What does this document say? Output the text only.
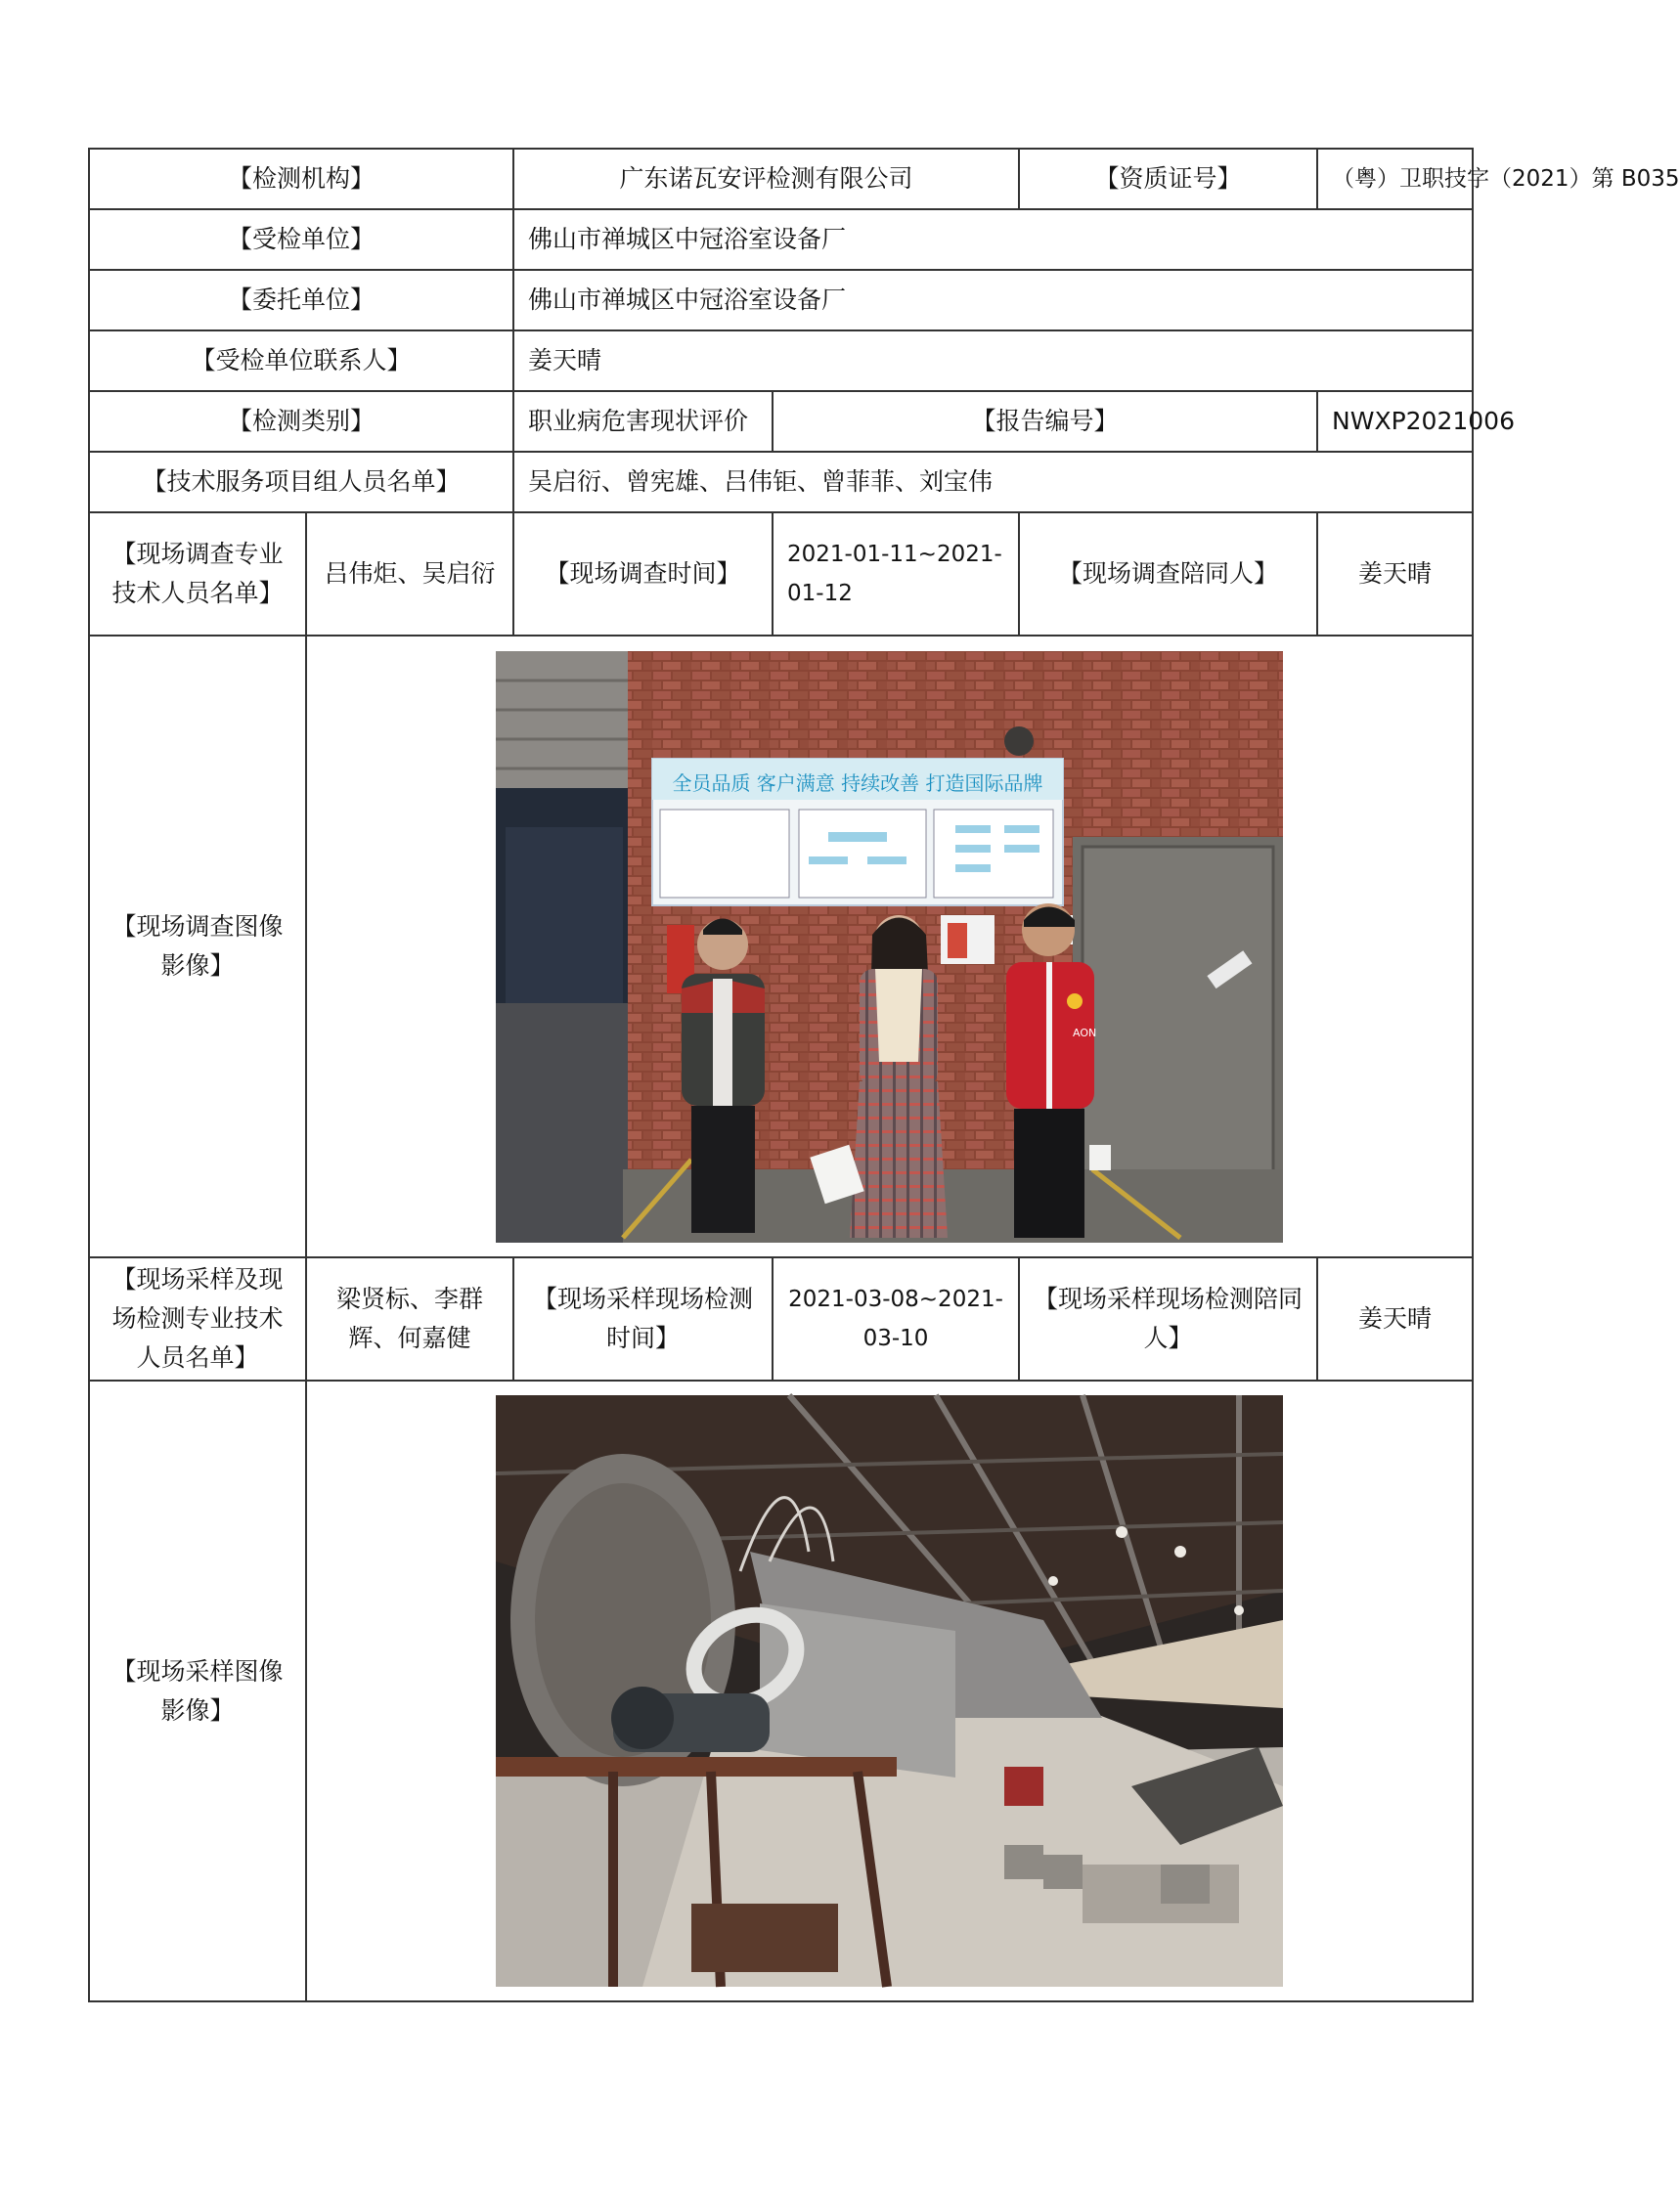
【检测机构】		广东诺瓦安评检测有限公司		【资质证号】	（粤）卫职技字（2021）第 B035
【受检单位】		佛山市禅城区中冠浴室设备厂			
【委托单位】		佛山市禅城区中冠浴室设备厂			
【受检单位联系人】		姜天晴			
【检测类别】		职业病危害现状评价	【报告编号】		NWXP2021006
【技术服务项目组人员名单】		吴启衍、曾宪雄、吕伟钜、曾菲菲、刘宝伟			
【现场调查专业技术人员名单】	吕伟炬、吴启衍	【现场调查时间】	2021-01-11~2021-01-12	【现场调查陪同人】	姜天晴
【现场调查图像影像】	全员品质 客户满意 持续改善 打造国际品牌
AON				

【现场采样及现场检测专业技术人员名单】	梁贤标、李群辉、何嘉健	【现场采样现场检测时间】	2021-03-08~2021-03-10	【现场采样现场检测陪同人】	姜天晴
【现场采样图像影像】	
